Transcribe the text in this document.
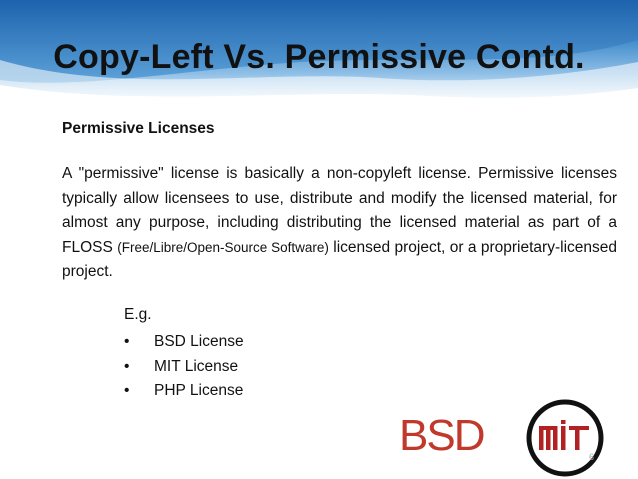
Copy-Left Vs. Permissive Contd.
Permissive Licenses
A "permissive" license is basically a non-copyleft license. Permissive licenses typically allow licensees to use, distribute and modify the licensed material, for almost any purpose, including distributing the licensed material as part of a FLOSS (Free/Libre/Open-Source Software) licensed project, or a proprietary-licensed project.
E.g.
• BSD License
• MIT License
• PHP License
BSD	6
